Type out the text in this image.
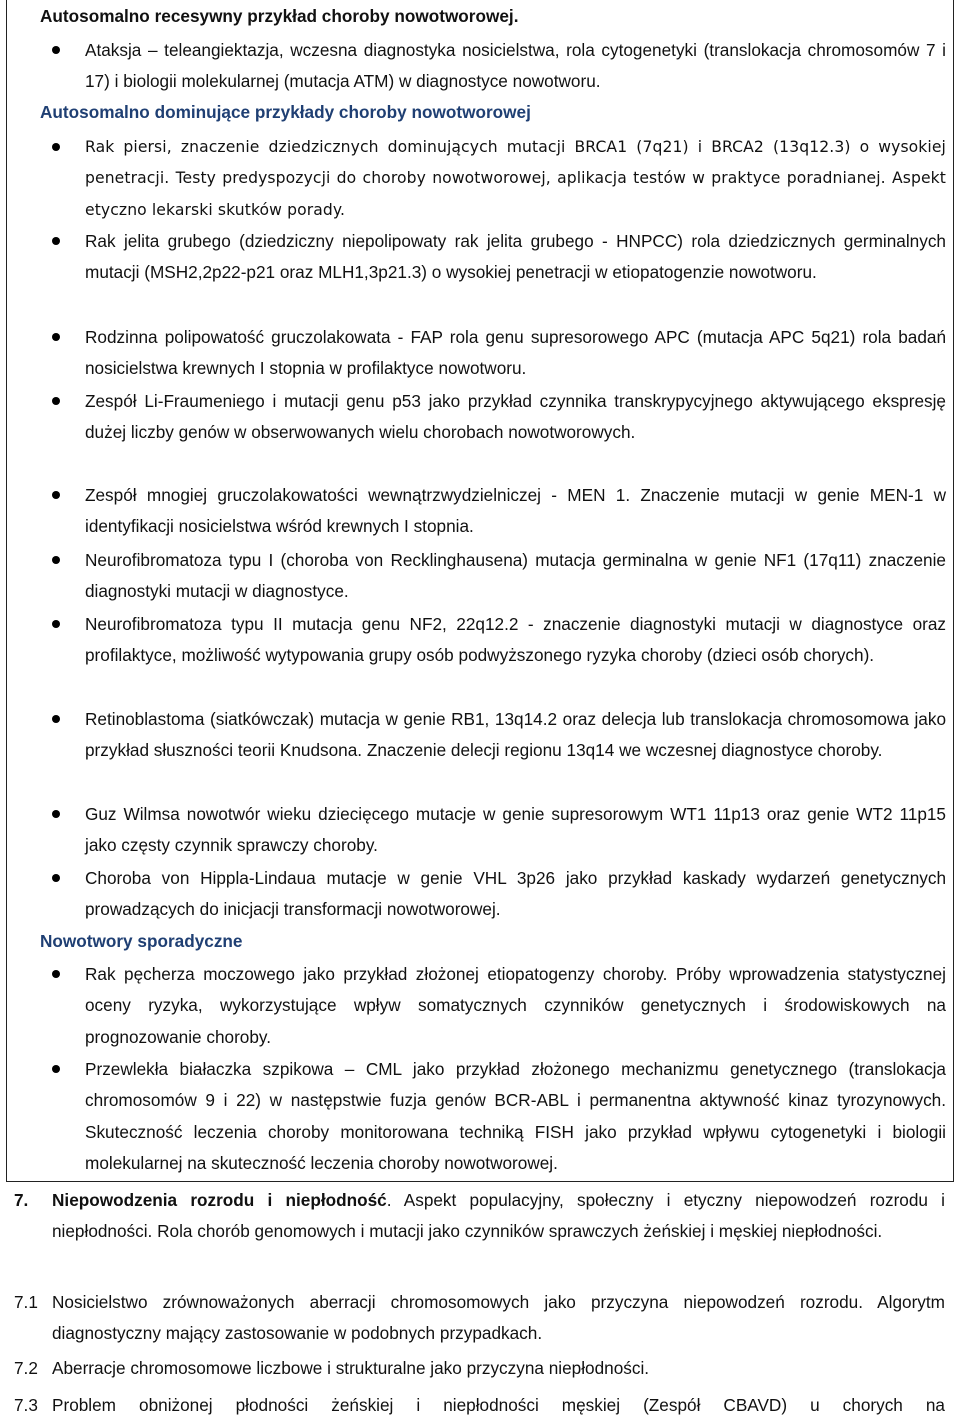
Autosomalno recesywny przykład choroby nowotworowej.

Ataksja – teleangiektazja, wczesna diagnostyka nosicielstwa, rola cytogenetyki (translokacja chromosomów 7 i 17) i biologii molekularnej (mutacja ATM) w diagnostyce nowotworu.

Autosomalno dominujące przykłady choroby nowotworowej

Rak piersi, znaczenie dziedzicznych dominujących mutacji BRCA1 (7q21) i BRCA2 (13q12.3) o wysokiej penetracji. Testy predyspozycji do choroby nowotworowej, aplikacja testów w praktyce poradnianej. Aspekt etyczno lekarski skutków porady.

Rak jelita grubego (dziedziczny niepolipowaty rak jelita grubego - HNPCC) rola dziedzicznych germinalnych mutacji (MSH2,2p22-p21 oraz MLH1,3p21.3) o wysokiej penetracji w etiopatogenzie nowotworu.

Rodzinna polipowatość gruczolakowata - FAP rola genu supresorowego APC (mutacja APC 5q21) rola badań nosicielstwa krewnych I stopnia w profilaktyce nowotworu.

Zespół Li-Fraumeniego i mutacji genu p53 jako przykład czynnika transkrypycyjnego aktywującego ekspresję dużej liczby genów w obserwowanych wielu chorobach nowotworowych.

Zespół mnogiej gruczolakowatości wewnątrzwydzielniczej - MEN 1. Znaczenie mutacji w genie MEN-1 w identyfikacji nosicielstwa wśród krewnych I stopnia.

Neurofibromatoza typu I (choroba von Recklinghausena) mutacja germinalna w genie NF1 (17q11) znaczenie diagnostyki mutacji w diagnostyce.

Neurofibromatoza typu II mutacja genu NF2, 22q12.2 - znaczenie diagnostyki mutacji w diagnostyce oraz profilaktyce, możliwość wytypowania grupy osób podwyższonego ryzyka choroby (dzieci osób chorych).

Retinoblastoma (siatkówczak) mutacja w genie RB1, 13q14.2 oraz delecja lub translokacja chromosomowa jako przykład słuszności teorii Knudsona. Znaczenie delecji regionu 13q14 we wczesnej diagnostyce choroby.

Guz Wilmsa nowotwór wieku dziecięcego mutacje w genie supresorowym WT1 11p13 oraz genie WT2 11p15 jako częsty czynnik sprawczy choroby.

Choroba von Hippla-Lindaua mutacje w genie VHL 3p26 jako przykład kaskady wydarzeń genetycznych prowadzących do inicjacji transformacji nowotworowej.

Nowotwory sporadyczne

Rak pęcherza moczowego jako przykład złożonej etiopatogenzy choroby. Próby wprowadzenia statystycznej oceny ryzyka, wykorzystujące wpływ somatycznych czynników genetycznych i środowiskowych na prognozowanie choroby.

Przewlekła białaczka szpikowa – CML jako przykład złożonego mechanizmu genetycznego (translokacja chromosomów 9 i 22) w następstwie fuzja genów BCR-ABL i permanentna aktywność kinaz tyrozynowych. Skuteczność leczenia choroby monitorowana techniką FISH jako przykład wpływu cytogenetyki i biologii molekularnej na skuteczność leczenia choroby nowotworowej.

7.	Niepowodzenia rozrodu i niepłodność. Aspekt populacyjny, społeczny i etyczny niepowodzeń rozrodu i niepłodności. Rola chorób genomowych i mutacji jako czynników sprawczych żeńskiej i męskiej niepłodności.

7.1 Nosicielstwo zrównoważonych aberracji chromosomowych jako przyczyna niepowodzeń rozrodu. Algorytm diagnostyczny mający zastosowanie w podobnych przypadkach.

7.2 Aberracje chromosomowe liczbowe i strukturalne jako przyczyna niepłodności.

7.3 Problem obniżonej płodności żeńskiej i niepłodności męskiej (Zespół CBAVD) u chorych na
